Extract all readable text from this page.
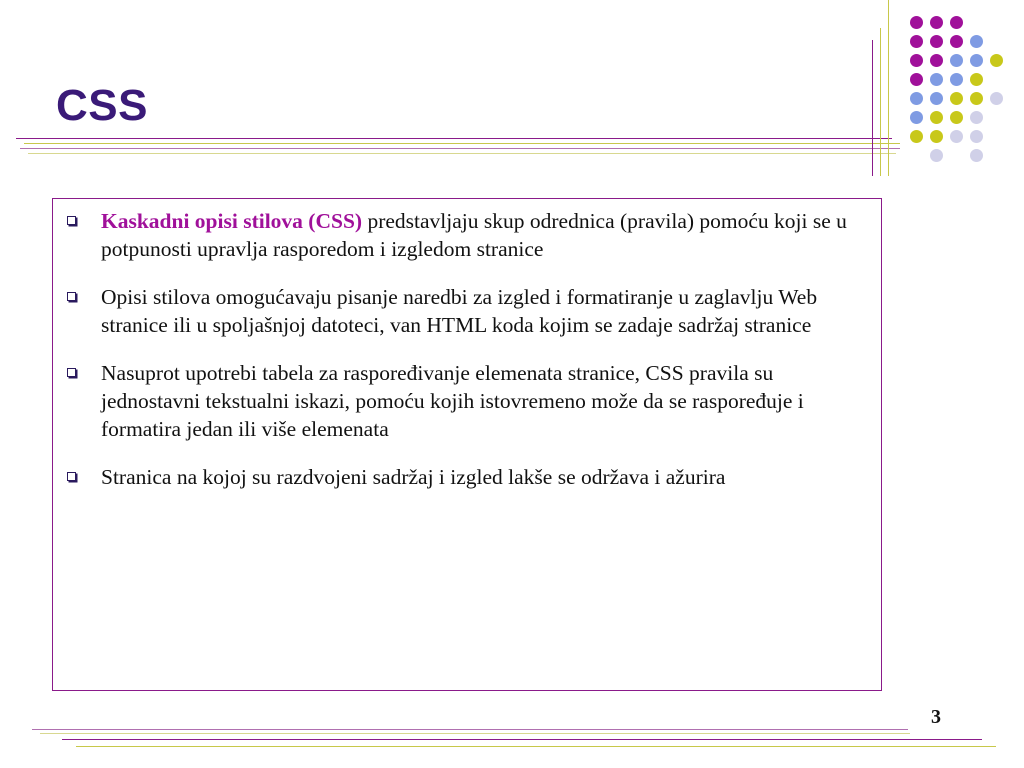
CSS
Kaskadni opisi stilova (CSS) predstavljaju skup odrednica (pravila) pomoću koji se u potpunosti upravlja rasporedom i izgledom stranice
Opisi stilova omogućavaju pisanje naredbi za izgled i formatiranje u zaglavlju Web stranice ili u spoljašnjoj datoteci, van HTML koda kojim se zadaje sadržaj stranice
Nasuprot upotrebi tabela za raspoređivanje elemenata stranice, CSS pravila su jednostavni tekstualni iskazi, pomoću kojih istovremeno može da se raspoređuje i formatira jedan ili više elemenata
Stranica na kojoj su razdvojeni sadržaj i izgled lakše se održava i ažurira
3
